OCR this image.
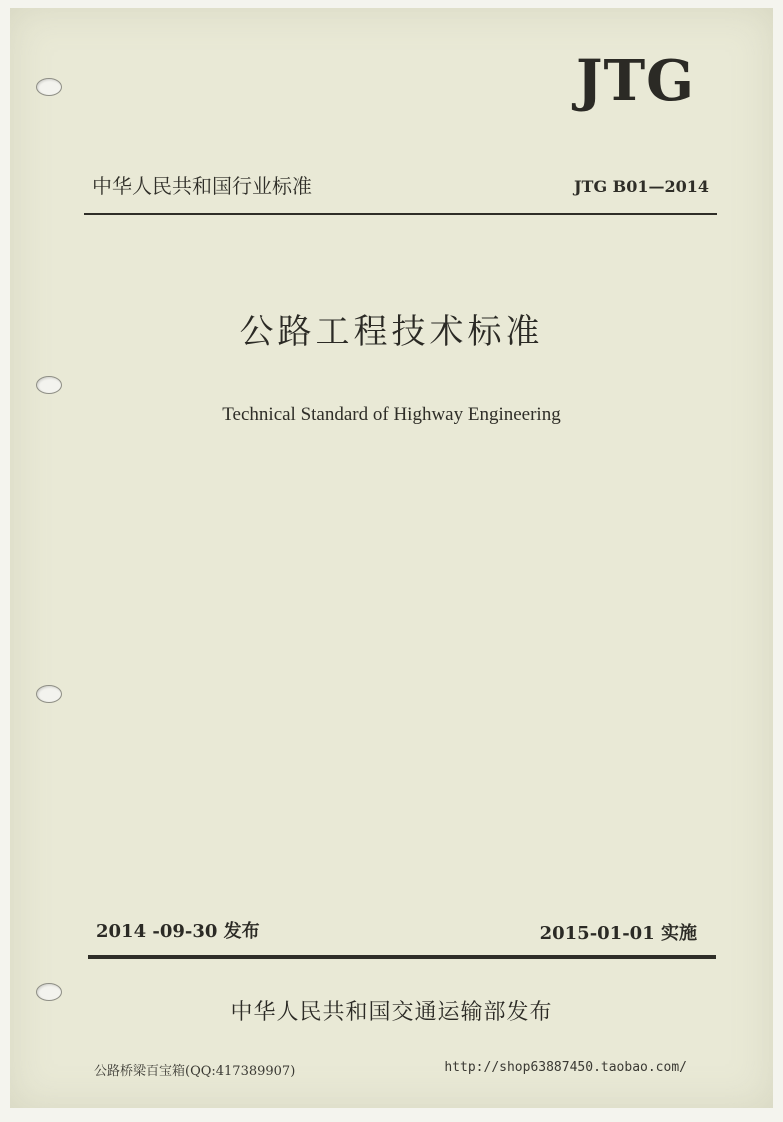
JTG
中华人民共和国行业标准	JTG B01—2014
公路工程技术标准
Technical Standard of Highway Engineering
2014 -09-30 发布	2015-01-01 实施
中华人民共和国交通运输部发布
公路桥梁百宝箱(QQ:417389907)	http://shop63887450.taobao.com/
